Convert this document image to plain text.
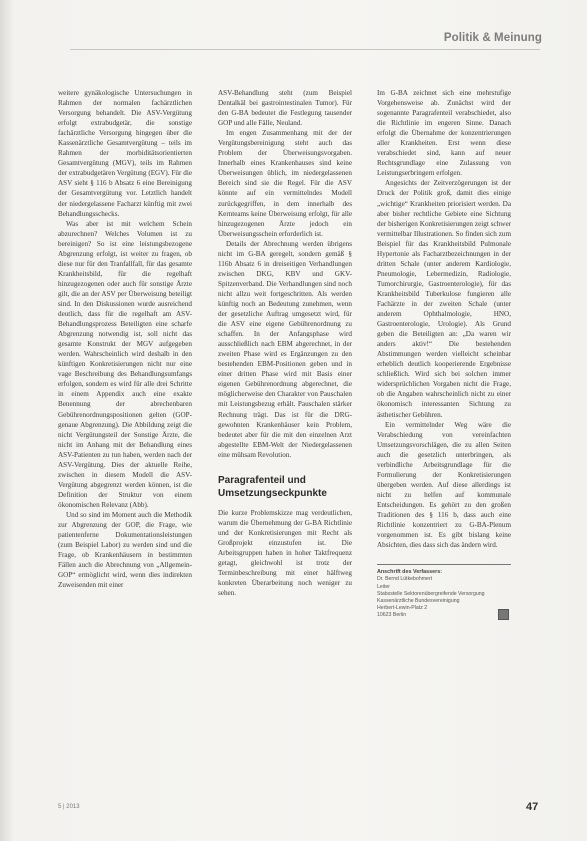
Politik & Meinung

weitere gynäkologische Untersuchungen in Rahmen der normalen fachärztlichen Versorgung behandelt. Die ASV-Vergütung erfolgt extrabudgetär, die sonstige fachärztliche Versorgung hingegen über die Kassenärztliche Gesamtvergütung – teils im Rahmen der morbiditätsorientierten Gesamtvergütung (MGV), teils im Rahmen der extrabudgetären Vergütung (EGV). Für die ASV sieht § 116 b Absatz 6 eine Bereinigung der Gesamtvergütung vor. Letztlich handelt der niedergelassene Facharzt künftig mit zwei Behandlungsschecks.

Was aber ist mit welchem Schein abzurechnen? Welches Volumen ist zu bereinigen? So ist eine leistungsbezogene Abgrenzung erfolgt, ist weiter zu fragen, ob diese nur für den Tranfallfall, für das gesamte Krankheitsbild, für die regelhaft hinzugezogenen oder auch für sonstige Ärzte gilt, die an der ASV per Überweisung beteiligt sind. In den Diskussionen wurde ausreichend deutlich, dass für die regelhaft am ASV-Behandlungsprozess Beteiligten eine scharfe Abgrenzung notwendig ist, soll nicht das gesamte Konstrukt der MGV aufgegeben werden. Wahrscheinlich wird deshalb in den künftigen Konkretisierungen nicht nur eine vage Beschreibung des Behandlungsumfangs erfolgen, sondern es wird für alle drei Schritte in einem Appendix auch eine exakte Benennung der abrechenbaren Gebührenordnungspositionen gelten (GOP-genaue Abgrenzung). Die Abbildung zeigt die nicht Vergütungsteil der Sonstige Ärzte, die nicht im Anhang mit der Behandlung eines ASV-Patienten zu tun haben, werden nach der ASV-Vergütung. Dies der aktuelle Reihe, zwischen in diesem Modell die ASV-Vergütung abgegrenzt werden können, ist die Definition der Struktur von einem ökonomischen Relevanz (Abb).

Und so sind im Moment auch die Methodik zur Abgrenzung der GOP, die Frage, wie patientenferne Dokumentationsleistungen (zum Beispiel Labor) zu werden sind und die Frage, ob Krankenhäusern in bestimmten Fällen auch die Abrechnung von „Allgemein-GOP“ ermöglicht wird, wenn dies indirekten Zuweisenden mit einer

ASV-Behandlung steht (zum Beispiel Dentalkäl bei gastrointestinalen Tumor). Für den G-BA bedeutet die Festlegung tausender GOP und alle Fälle, Neuland.

Im engen Zusammenhang mit der der Vergütungsbereinigung steht auch das Problem der Überweisungsvorgaben. Innerhalb eines Krankenhauses sind keine Überweisungen üblich, im niedergelassenen Bereich sind sie die Regel. Für die ASV könnte auf ein vermittelndes Modell zurückgegriffen, in dem innerhalb des Kernteams keine Überweisung erfolgt, für alle hinzugezogenen Ärzte jedoch ein Überweisungsschein erforderlich ist.

Details der Abrechnung werden übrigens nicht im G-BA geregelt, sondern gemäß § 116b Absatz 6 in dreiseitigen Verhandlungen zwischen DKG, KBV und GKV-Spitzenverband. Die Verhandlungen sind noch nicht allzu weit fortgeschritten. Als werden künftig noch an Bedeutung zunehmen, wenn der gesetzliche Auftrag umgesetzt wird, für die ASV eine eigene Gebührenordnung zu schaffen. In der Anfangsphase wird ausschließlich nach EBM abgerechnet, in der zweiten Phase wird es Ergänzungen zu den bestehenden EBM-Positionen geben und in einer dritten Phase wird mit Basis einer eigenen Gebührenordnung abgerechnet, die möglicherweise den Charakter von Pauschalen mit Leistungsbezug erhält. Pauschalen stärker Rechnung trägt. Das ist für die DRG-gewohnten Krankenhäuser kein Problem, bedeutet aber für die mit den einzelnen Arzt abgestellte EBM-Welt der Niedergelassenen eine mühsam Revolution.

Paragrafenteil und Umsetzungseckpunkte

Die kurze Problemskizze mag verdeutlichen, warum die Übernehmung der G-BA Richtlinie und der Konkretisierungen mit Recht als Großprojekt einzustufen ist. Die Arbeitsgruppen haben in hoher Taktfrequenz getagt, gleichwohl ist trotz der Terminbeschreibung mit einer hälftweg konkreten Überarbeitung noch weniger zu sehen.

Im G-BA zeichnet sich eine mehrstufige Vorgehensweise ab. Zunächst wird der sogenannte Paragrafenteil verabschiedet, also die Richtlinie im engeren Sinne. Danach erfolgt die Übernahme der konzentrierungen aller Krankheiten. Erst wenn diese verabschiedet sind, kann auf neuer Rechtsgrundlage eine Zulassung von Leistungserbringern erfolgen.

Angesichts der Zeitverzögerungen ist der Druck der Politik groß, damit dies einige „wichtige“ Krankheiten priorisiert werden. Da aber bisher rechtliche Gebiete eine Sichtung der bisherigen Konkretisierungen zeigt schwer vermittelbar Illustrationen. So finden sich zum Beispiel für das Krankheitsbild Pulmonale Hypertonie als Facharztbezeichnungen in der dritten Schale (unter anderem Kardiologie, Pneumologie, Lebermedizin, Radiologie, Tumorchirurgie, Gastroenterologie), für das Krankheitsbild Tuberkulose fungieren alle Fachärzte in der zweiten Schale (unter anderem Ophthalmologie, HNO, Gastroenterologie, Urologie). Als Grund geben die Beteiligten an: „Da waren wir anders aktiv!“ Die bestehenden Abstimmungen werden vielleicht scheinbar erheblich deutlich kooperierende Ergebnisse schließlich. Wird sich bei solchen immer widersprüchlichen Vorgaben nicht die Frage, ob die Angaben wahrscheinlich nicht zu einer ökonomisch interessanten Sichtung zu ästhetischer Gebühren.

Ein vermittelnder Weg wäre die Verabschiedung von vereinfachten Umsetzungsvorschlägen, die zu allen Seiten auch die gesetzlich unterbringen, als verbindliche Arbeitsgrundlage für die Formulierung der Konkretisierungen übergeben werden. Auf diese allerdings ist nicht zu helfen auf kommunale Entscheidungen. Es gehört zu den großen Traditionen des § 116 b, dass auch eine Richtlinie konzentriert zu G-BA-Plenum vorgenommen ist. Es gibt bislang keine Absichten, dies dass sich das ändern wird.

Anschrift des Verfassers:
Dr. Bernd Lütkebohmert
Leiter
Stabsstelle Sektorenübergreifende Versorgung
Kassenärztliche Bundesvereinigung
Herbert-Lewin-Platz 2
10623 Berlin
5 | 2013	47
